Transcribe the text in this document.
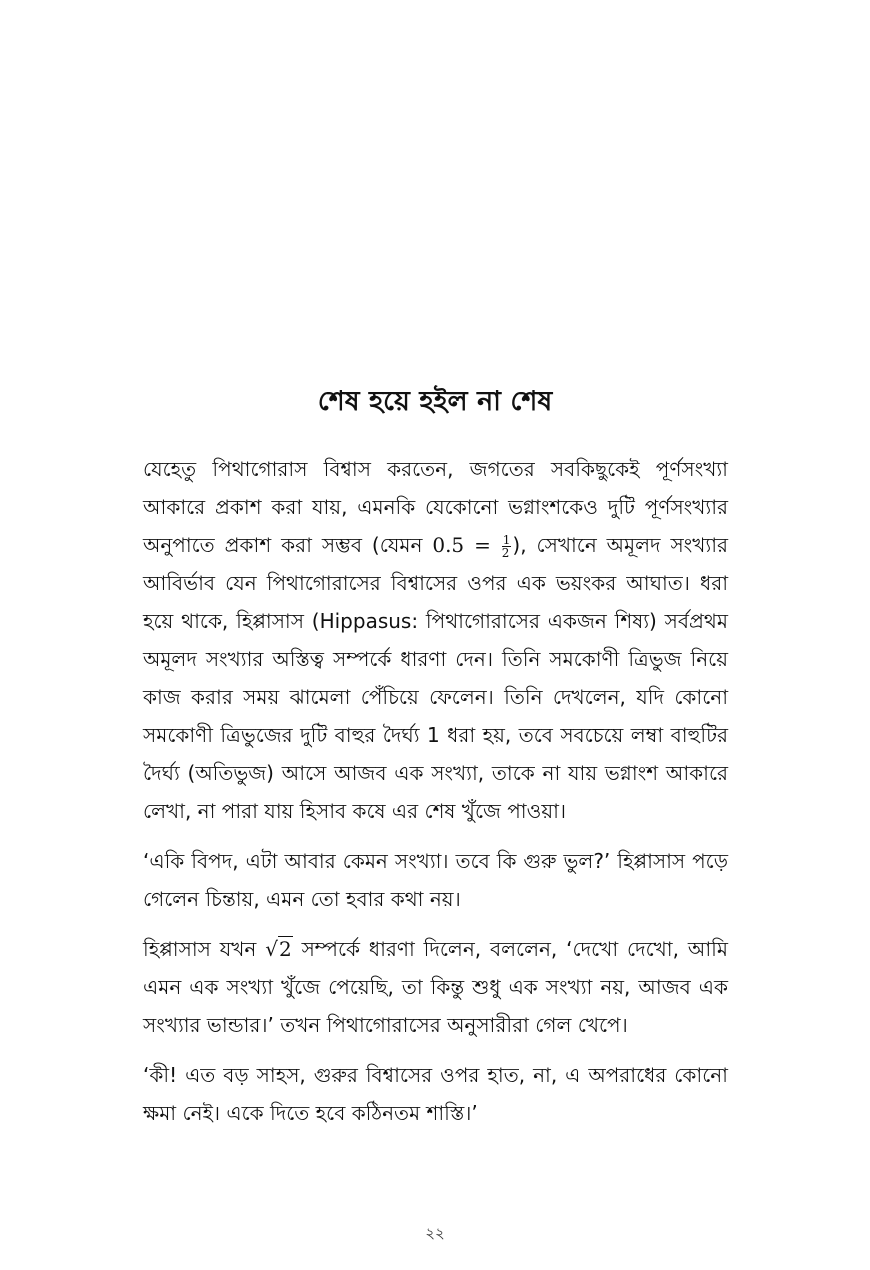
শেষ হয়ে হইল না শেষ

যেহেতু পিথাগোরাস বিশ্বাস করতেন, জগতের সবকিছুকেই পূর্ণসংখ্যা আকারে প্রকাশ করা যায়, এমনকি যেকোনো ভগ্নাংশকেও দুটি পূর্ণসংখ্যার অনুপাতে প্রকাশ করা সম্ভব (যেমন $0.5 = \frac{1}{2}$ ), সেখানে অমূলদ সংখ্যার আবির্ভাব যেন পিথাগোরাসের বিশ্বাসের ওপর এক ভয়ংকর আঘাত। ধরা হয়ে থাকে, হিপ্পাসাস (Hippasus: পিথাগোরাসের একজন শিষ্য) সর্বপ্রথম অমূলদ সংখ্যার অস্তিত্ব সম্পর্কে ধারণা দেন। তিনি সমকোণী ত্রিভুজ নিয়ে কাজ করার সময় ঝামেলা পেঁচিয়ে ফেলেন। তিনি দেখলেন, যদি কোনো সমকোণী ত্রিভুজের দুটি বাহুর দৈর্ঘ্য 1 ধরা হয়, তবে সবচেয়ে লম্বা বাহুটির দৈর্ঘ্য (অতিভুজ) আসে আজব এক সংখ্যা, তাকে না যায় ভগ্নাংশ আকারে লেখা, না পারা যায় হিসাব কষে এর শেষ খুঁজে পাওয়া।

‘একি বিপদ, এটা আবার কেমন সংখ্যা। তবে কি গুরু ভুল?’ হিপ্পাসাস পড়ে গেলেন চিন্তায়, এমন তো হবার কথা নয়।

হিপ্পাসাস যখন √2 সম্পর্কে ধারণা দিলেন, বললেন, ‘দেখো দেখো, আমি এমন এক সংখ্যা খুঁজে পেয়েছি, তা কিন্তু শুধু এক সংখ্যা নয়, আজব এক সংখ্যার ভান্ডার।’ তখন পিথাগোরাসের অনুসারীরা গেল খেপে।

‘কী! এত বড় সাহস, গুরুর বিশ্বাসের ওপর হাত, না, এ অপরাধের কোনো ক্ষমা নেই। একে দিতে হবে কঠিনতম শাস্তি।’

২২
